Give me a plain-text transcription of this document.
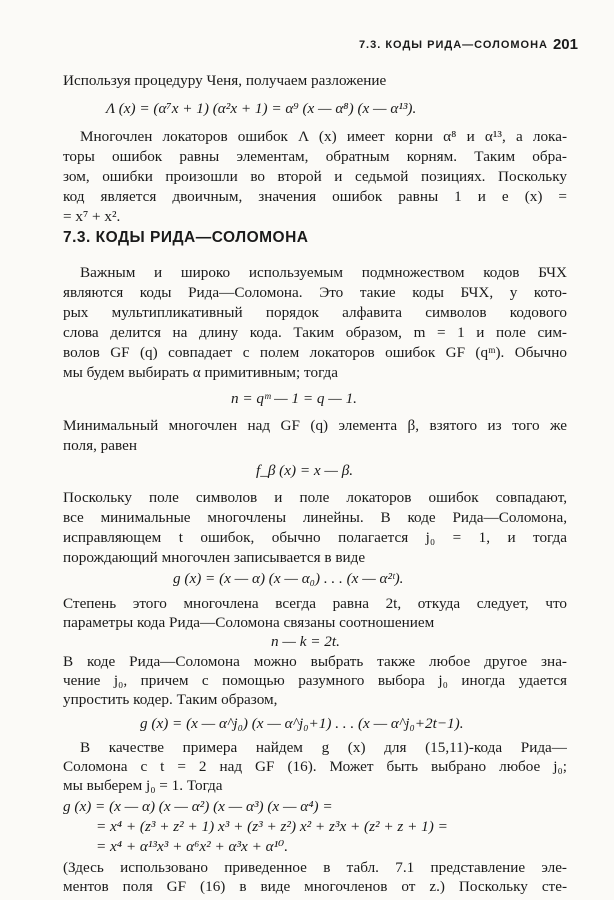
7.3. КОДЫ РИДА—СОЛОМОНА 201
Используя процедуру Ченя, получаем разложение
Λ (x) = (α⁷x + 1) (α²x + 1) = α⁹ (x — α⁸) (x — α¹³).
Многочлен локаторов ошибок Λ (x) имеет корни α⁸ и α¹³, а лока-
торы ошибок равны элементам, обратным корням. Таким обра-
зом, ошибки произошли во второй и седьмой позициях. Поскольку
код является двоичным, значения ошибок равны 1 и e (x) =
= x⁷ + x².
7.3. КОДЫ РИДА—СОЛОМОНА
Важным и широко используемым подмножеством кодов БЧХ
являются коды Рида—Соломона. Это такие коды БЧХ, у кото-
рых мультипликативный порядок алфавита символов кодового
слова делится на длину кода. Таким образом, m = 1 и поле сим-
волов GF (q) совпадает с полем локаторов ошибок GF (qᵐ). Обычно
мы будем выбирать α примитивным; тогда
n = qᵐ — 1 = q — 1.
Минимальный многочлен над GF (q) элемента β, взятого из того же
поля, равен
f_β (x) = x — β.
Поскольку поле символов и поле локаторов ошибок совпадают,
все минимальные многочлены линейны. В коде Рида—Соломона,
исправляющем t ошибок, обычно полагается j₀ = 1, и тогда
порождающий многочлен записывается в виде
g (x) = (x — α) (x — α₀) . . . (x — α²ᵗ).
Степень этого многочлена всегда равна 2t, откуда следует, что
параметры кода Рида—Соломона связаны соотношением
n — k = 2t.
В коде Рида—Соломона можно выбрать также любое другое зна-
чение j₀, причем с помощью разумного выбора j₀ иногда удается
упростить кодер. Таким образом,
g (x) = (x — α^j₀) (x — α^j₀+1) . . . (x — α^j₀+2t−1).
В качестве примера найдем g (x) для (15,11)-кода Рида—
Соломона с t = 2 над GF (16). Может быть выбрано любое j₀;
мы выберем j₀ = 1. Тогда
g (x) = (x — α) (x — α²) (x — α³) (x — α⁴) =
= x⁴ + (z³ + z² + 1) x³ + (z³ + z²) x² + z³x + (z² + z + 1) =
= x⁴ + α¹³x³ + α⁶x² + α³x + α¹⁰.
(Здесь использовано приведенное в табл. 7.1 представление эле-
ментов поля GF (16) в виде многочленов от z.) Поскольку сте-
